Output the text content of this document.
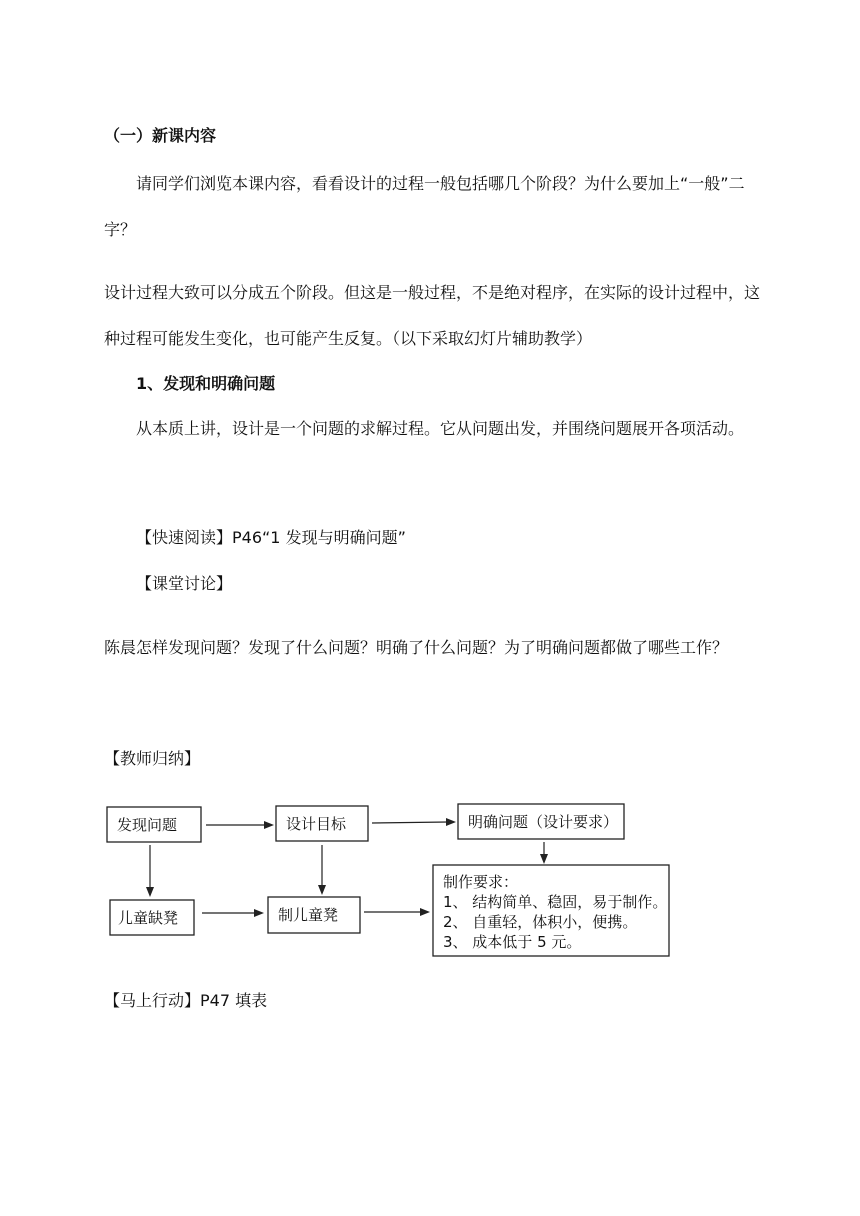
（一）新课内容

请同学们浏览本课内容，看看设计的过程一般包括哪几个阶段？为什么要加上“一般”二字？

设计过程大致可以分成五个阶段。但这是一般过程，不是绝对程序，在实际的设计过程中，这种过程可能发生变化，也可能产生反复。（以下采取幻灯片辅助教学）

1、发现和明确问题

从本质上讲，设计是一个问题的求解过程。它从问题出发，并围绕问题展开各项活动。

【快速阅读】P46“1 发现与明确问题”

【课堂讨论】

陈晨怎样发现问题？发现了什么问题？明确了什么问题？为了明确问题都做了哪些工作？

【教师归纳】

发现问题	设计目标	明确问题（设计要求）
儿童缺凳	制儿童凳
制作要求：
1、 结构简单、稳固，易于制作。
2、 自重轻，体积小，便携。
3、 成本低于 5 元。

【马上行动】P47 填表
